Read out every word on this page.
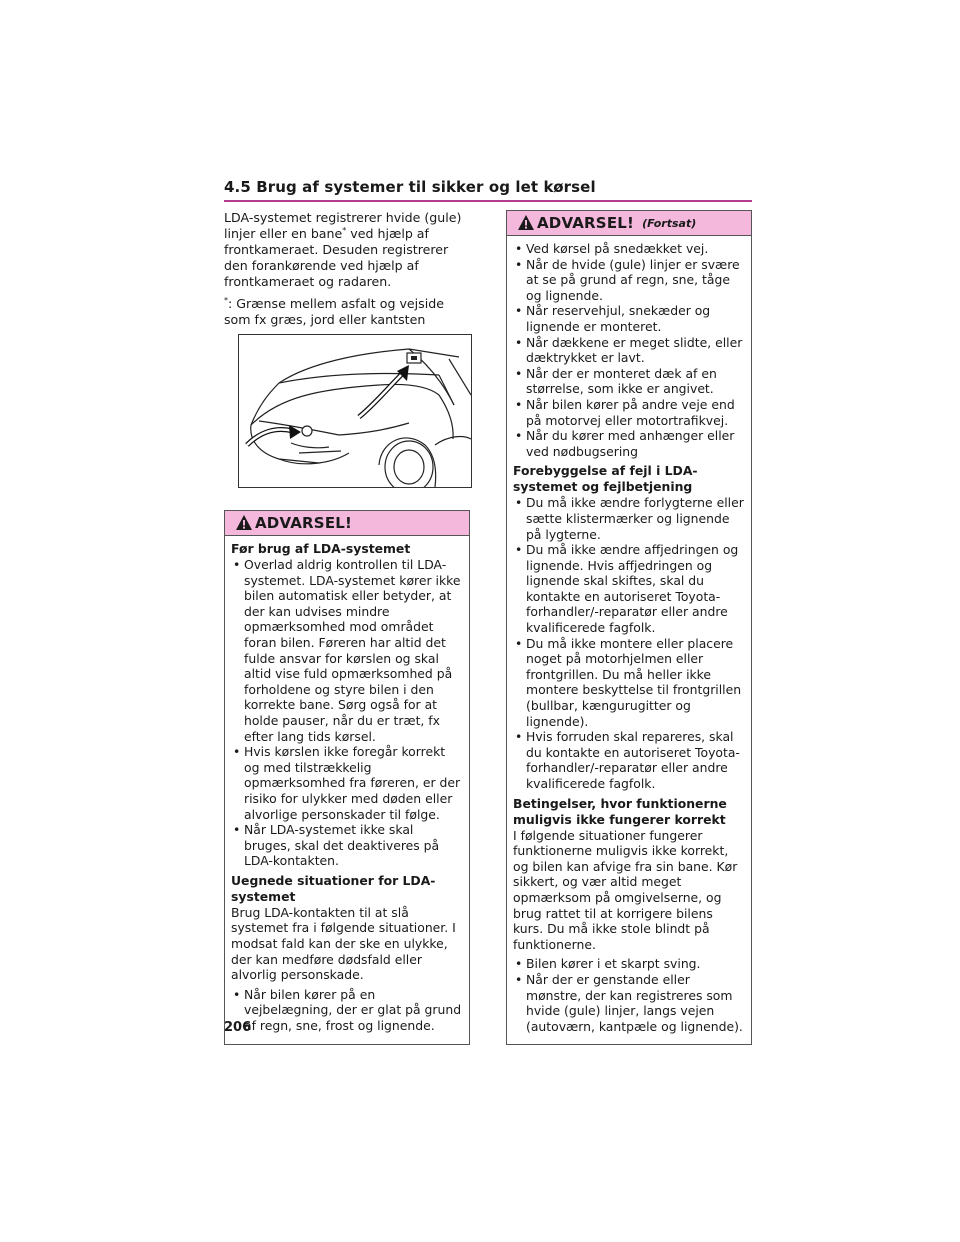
4.5 Brug af systemer til sikker og let kørsel

LDA-systemet registrerer hvide (gule) linjer eller en bane* ved hjælp af frontkameraet. Desuden registrerer den forankørende ved hjælp af frontkameraet og radaren.

*: Grænse mellem asfalt og vejside som fx græs, jord eller kantsten

ADVARSEL!
Før brug af LDA-systemet
• Overlad aldrig kontrollen til LDA-systemet. LDA-systemet kører ikke bilen automatisk eller betyder, at der kan udvises mindre opmærksomhed mod området foran bilen. Føreren har altid det fulde ansvar for kørslen og skal altid vise fuld opmærksomhed på forholdene og styre bilen i den korrekte bane. Sørg også for at holde pauser, når du er træt, fx efter lang tids kørsel.
• Hvis kørslen ikke foregår korrekt og med tilstrækkelig opmærksomhed fra føreren, er der risiko for ulykker med døden eller alvorlige personskader til følge.
• Når LDA-systemet ikke skal bruges, skal det deaktiveres på LDA-kontakten.
Uegnede situationer for LDA-systemet

Brug LDA-kontakten til at slå systemet fra i følgende situationer. I modsat fald kan der ske en ulykke, der kan medføre dødsfald eller alvorlig personskade.

• Når bilen kører på en vejbelægning, der er glat på grund af regn, sne, frost og lignende.
ADVARSEL! (Fortsat)
• Ved kørsel på snedækket vej.
• Når de hvide (gule) linjer er svære at se på grund af regn, sne, tåge og lignende.
• Når reservehjul, snekæder og lignende er monteret.
• Når dækkene er meget slidte, eller dæktrykket er lavt.
• Når der er monteret dæk af en størrelse, som ikke er angivet.
• Når bilen kører på andre veje end på motorvej eller motortrafikvej.
• Når du kører med anhænger eller ved nødbugsering
Forebyggelse af fejl i LDA-systemet og fejlbetjening
• Du må ikke ændre forlygterne eller sætte klistermærker og lignende på lygterne.
• Du må ikke ændre affjedringen og lignende. Hvis affjedringen og lignende skal skiftes, skal du kontakte en autoriseret Toyota-forhandler/-reparatør eller andre kvalificerede fagfolk.
• Du må ikke montere eller placere noget på motorhjelmen eller frontgrillen. Du må heller ikke montere beskyttelse til frontgrillen (bullbar, kængurugitter og lignende).
• Hvis forruden skal repareres, skal du kontakte en autoriseret Toyota-forhandler/-reparatør eller andre kvalificerede fagfolk.
Betingelser, hvor funktionerne muligvis ikke fungerer korrekt

I følgende situationer fungerer funktionerne muligvis ikke korrekt, og bilen kan afvige fra sin bane. Kør sikkert, og vær altid meget opmærksom på omgivelserne, og brug rattet til at korrigere bilens kurs. Du må ikke stole blindt på funktionerne.

• Bilen kører i et skarpt sving.
• Når der er genstande eller mønstre, der kan registreres som hvide (gule) linjer, langs vejen (autoværn, kantpæle og lignende).
206
